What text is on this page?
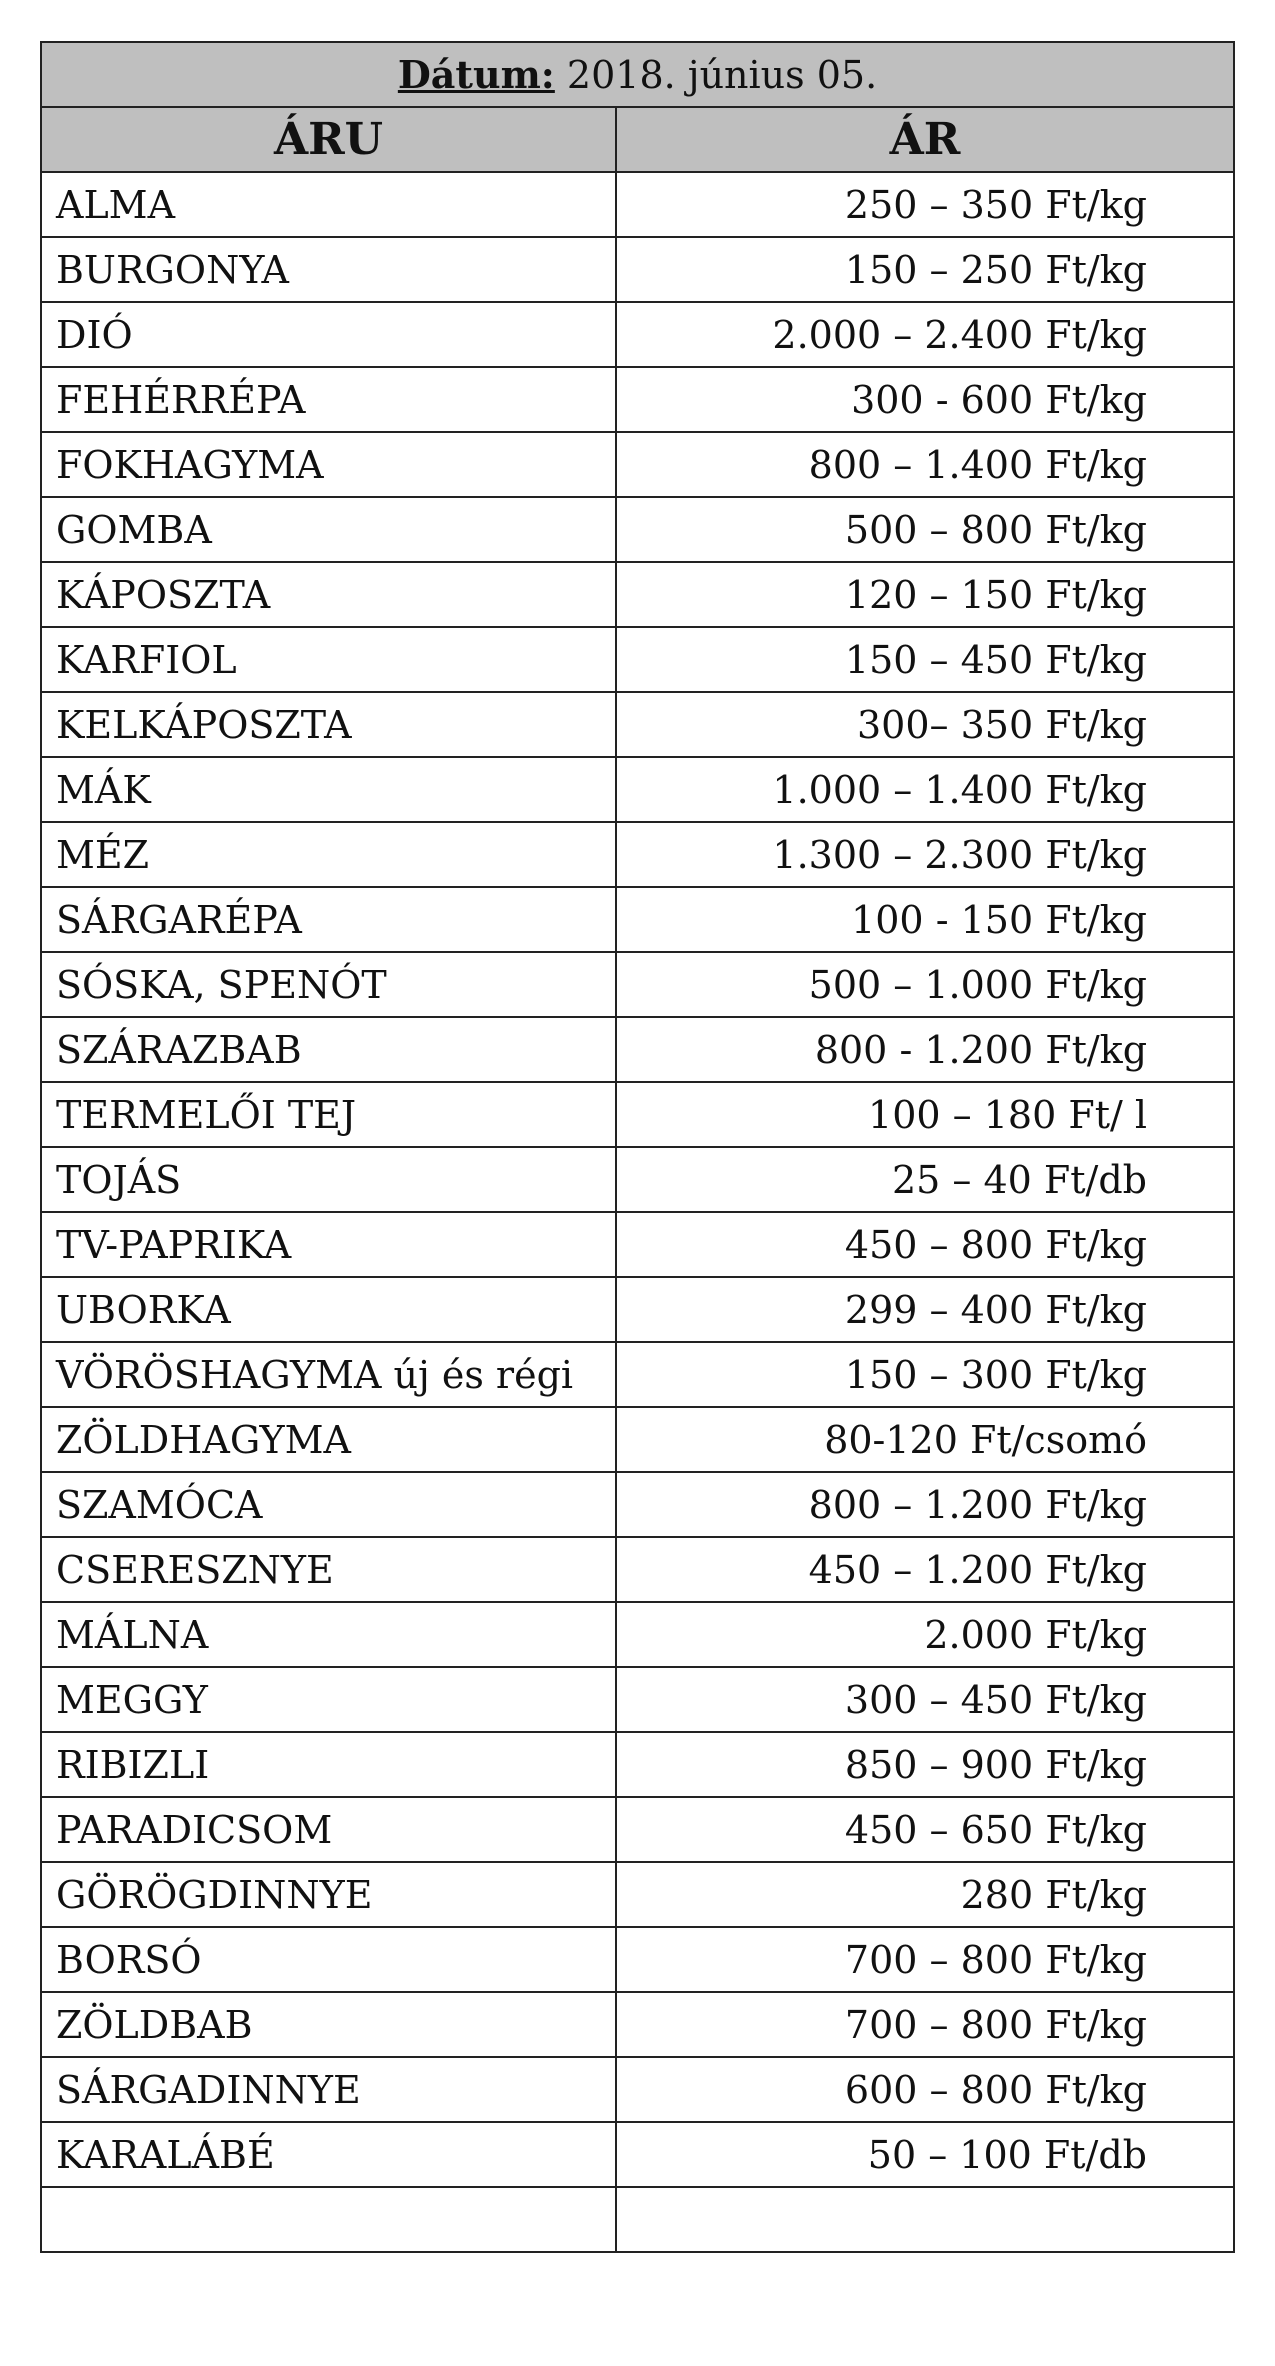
Dátum: 2018. június 05.	
ÁRU	ÁR
ALMA	250 – 350 Ft/kg
BURGONYA	150 – 250 Ft/kg
DIÓ	2.000 – 2.400 Ft/kg
FEHÉRRÉPA	300 - 600 Ft/kg
FOKHAGYMA	800 – 1.400 Ft/kg
GOMBA	500 – 800 Ft/kg
KÁPOSZTA	120 – 150 Ft/kg
KARFIOL	150 – 450 Ft/kg
KELKÁPOSZTA	300– 350 Ft/kg
MÁK	1.000 – 1.400 Ft/kg
MÉZ	1.300 – 2.300 Ft/kg
SÁRGARÉPA	100 - 150 Ft/kg
SÓSKA, SPENÓT	500 – 1.000 Ft/kg
SZÁRAZBAB	800 - 1.200 Ft/kg
TERMELŐI TEJ	100 – 180 Ft/ l
TOJÁS	25 – 40 Ft/db
TV-PAPRIKA	450 – 800 Ft/kg
UBORKA	299 – 400 Ft/kg
VÖRÖSHAGYMA új és régi	150 – 300 Ft/kg
ZÖLDHAGYMA	80-120 Ft/csomó
SZAMÓCA	800 – 1.200 Ft/kg
CSERESZNYE	450 – 1.200 Ft/kg
MÁLNA	2.000 Ft/kg
MEGGY	300 – 450 Ft/kg
RIBIZLI	850 – 900 Ft/kg
PARADICSOM	450 – 650 Ft/kg
GÖRÖGDINNYE	280 Ft/kg
BORSÓ	700 – 800 Ft/kg
ZÖLDBAB	700 – 800 Ft/kg
SÁRGADINNYE	600 – 800 Ft/kg
KARALÁBÉ	50 – 100 Ft/db
